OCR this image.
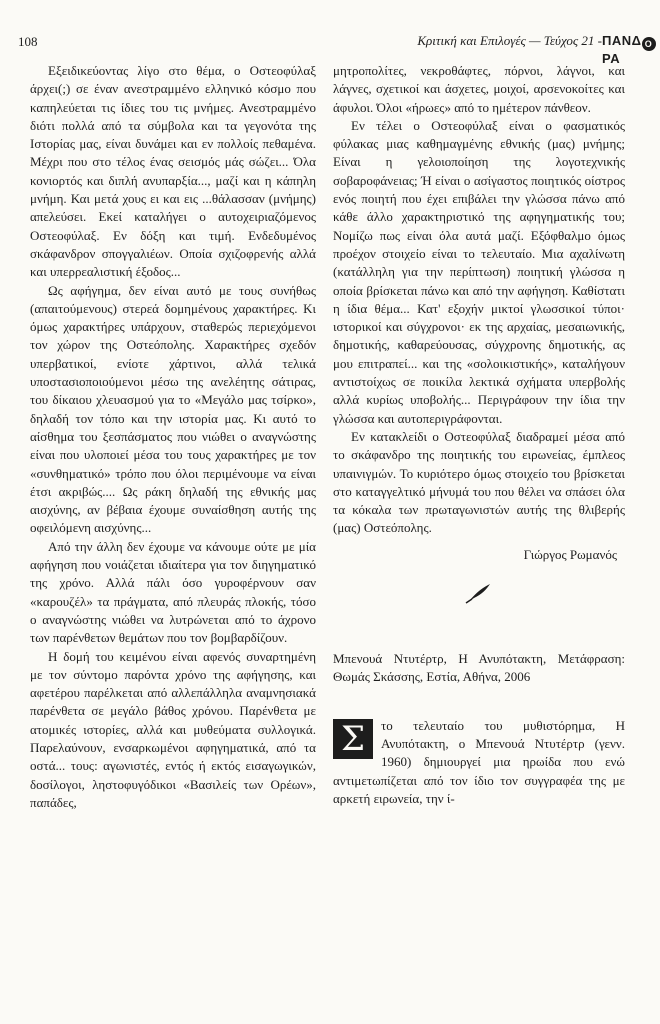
108	Κριτική και Επιλογές — Τεύχος 21 - ΠΑΝΔ ΟΡΑ

Εξειδικεύοντας λίγο στο θέμα, ο Οστεοφύλαξ άρχει(;) σε έναν ανεστραμμένο ελληνικό κόσμο που καπηλεύεται τις ίδιες του τις μνήμες. Ανεστραμμένο διότι πολλά από τα σύμβολα και τα γεγονότα της Ιστορίας μας, είναι δυνάμει και εν πολλοίς πεθαμένα. Μέχρι που στο τέλος ένας σεισμός μάς σώζει... Όλα κονιορτός και διπλή ανυπαρξία..., μαζί και η κάπηλη μνήμη. Και μετά χους ει και εις ...θάλασσαν (μνήμης) απελεύσει. Εκεί καταλήγει ο αυτοχειριαζόμενος Οστεοφύλαξ. Εν δόξη και τιμή. Ενδεδυμένος σκάφανδρον σπογγαλιέων. Οποία σχιζοφρενής αλλά και υπερρεαλιστική έξοδος...

Ως αφήγημα, δεν είναι αυτό με τους συνήθως (απαιτούμενους) στερεά δομημένους χαρακτήρες. Κι όμως χαρακτήρες υπάρχουν, σταθερώς περιεχόμενοι τον χώρον της Οστεόπολης. Χαρακτήρες σχεδόν υπερβατικοί, ενίοτε χάρτινοι, αλλά τελικά υποστασιοποιούμενοι μέσω της ανελέητης σάτιρας, του δίκαιου χλευασμού για το «Μεγάλο μας τσίρκο», δηλαδή τον τόπο και την ιστορία μας. Κι αυτό το αίσθημα του ξεσπάσματος που νιώθει ο αναγνώστης είναι που υλοποιεί μέσα του τους χαρακτήρες με τον «συνθηματικό» τρόπο που όλοι περιμένουμε να είναι έτσι ακριβώς.... Ως ράκη δηλαδή της εθνικής μας αισχύνης, αν βέβαια έχουμε συναίσθηση αυτής της οφειλόμενη αισχύνης...

Από την άλλη δεν έχουμε να κάνουμε ούτε με μία αφήγηση που νοιάζεται ιδιαίτερα για τον διηγηματικό της χρόνο. Αλλά πάλι όσο γυροφέρνουν σαν «καρουζέλ» τα πράγματα, από πλευράς πλοκής, τόσο ο αναγνώστης νιώθει να λυτρώνεται από το άχρονο των παρένθετων θεμάτων που τον βομβαρδίζουν.

Η δομή του κειμένου είναι αφενός συναρτημένη με τον σύντομο παρόντα χρόνο της αφήγησης, και αφετέρου παρέλκεται από αλλεπάλληλα αναμνησιακά παρένθετα σε μεγάλο βάθος χρόνου. Παρένθετα με ατομικές ιστορίες, αλλά και μυθεύματα συλλογικά. Παρελαύνουν, ενσαρκωμένοι αφηγηματικά, από τα οστά... τους: αγωνιστές, εντός ή εκτός εισαγωγικών, δοσίλογοι, ληστοφυγόδικοι «Βασιλείς των Ορέων», παπάδες,

μητροπολίτες, νεκροθάφτες, πόρνοι, λάγνοι, και λάγνες, σχετικοί και άσχετες, μοιχοί, αρσενοκοίτες και άφυλοι. Όλοι «ήρωες» από το ημέτερον πάνθεον.

Εν τέλει ο Οστεοφύλαξ είναι ο φασματικός φύλακας μιας καθημαγμένης εθνικής (μας) μνήμης; Είναι η γελοιοποίηση της λογοτεχνικής σοβαροφάνειας; Ή είναι ο ασίγαστος ποιητικός οίστρος ενός ποιητή που έχει επιβάλει την γλώσσα πάνω από κάθε άλλο χαρακτηριστικό της αφηγηματικής του; Νομίζω πως είναι όλα αυτά μαζί. Εξόφθαλμο όμως προέχον στοιχείο είναι το τελευταίο. Μια αχαλίνωτη (κατάλληλη για την περίπτωση) ποιητική γλώσσα η οποία βρίσκεται πάνω και από την αφήγηση. Καθίστατι η ίδια θέμα... Κατ' εξοχήν μικτοί γλωσσικοί τύποι· ιστορικοί και σύγχρονοι· εκ της αρχαίας, μεσαιωνικής, δημοτικής, καθαρεύουσας, σύγχρονης δημοτικής, ας μου επιτραπεί... και της «σολοικιστικής», καταλήγουν αντιστοίχως σε ποικίλα λεκτικά σχήματα υπερβολής αλλά κυρίως υποβολής... Περιγράφουν την ίδια την γλώσσα και αυτοπεριγράφονται.

Εν κατακλείδι ο Οστεοφύλαξ διαδραμεί μέσα από το σκάφανδρο της ποιητικής του ειρωνείας, έμπλεος υπαινιγμών. Το κυριότερο όμως στοιχείο του βρίσκεται στο καταγγελτικό μήνυμά του που θέλει να σπάσει όλα τα κόκαλα των πρωταγωνιστών αυτής της θλιβερής (μας) Οστεόπολης.

Γιώργος Ρωμανός

Μπενουά Ντυτέρτρ, Η Ανυπότακτη, Μετάφραση: Θωμάς Σκάσσης, Εστία, Αθήνα, 2006

Σ	το τελευταίο του μυθιστόρημα, Η Ανυπότακτη, ο Μπενουά Ντυτέρτρ (γενν. 1960) δημιουργεί μια ηρωίδα που ενώ αντιμετωπίζεται από τον ίδιο τον συγγραφέα της με αρκετή ειρωνεία, την ί-
